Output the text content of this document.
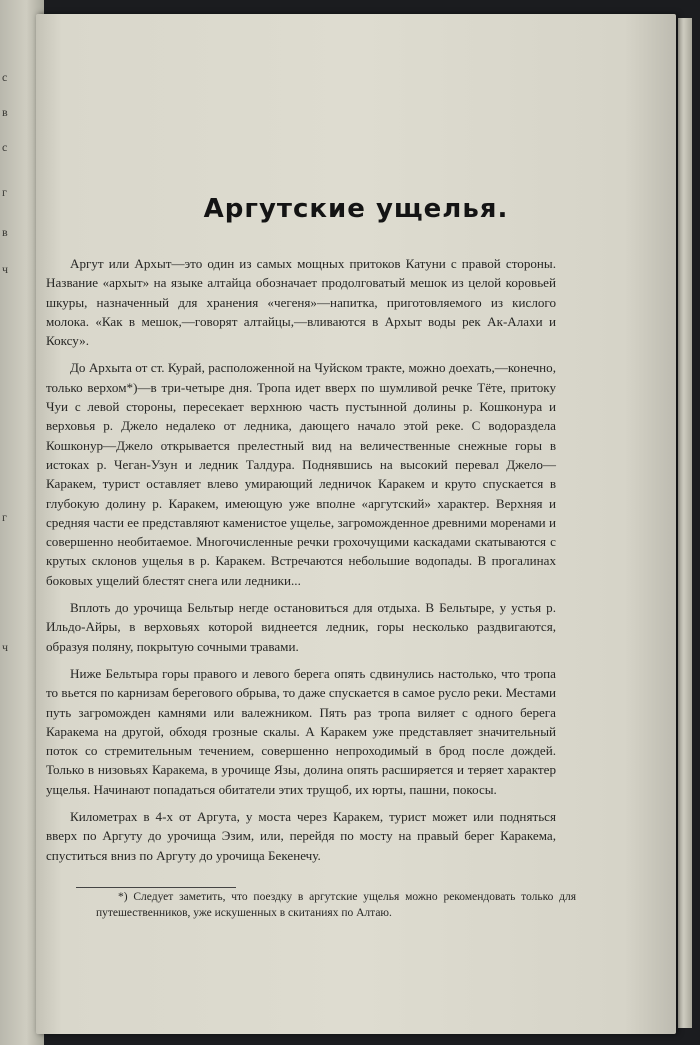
с
в
с
г
в
ч
г
ч
Аргутские ущелья.

Аргут или Архыт—это один из самых мощных притоков Катуни с правой стороны. Название «архыт» на языке алтайца обозначает продолговатый мешок из целой коровьей шкуры, назначенный для хранения «чегеня»—напитка, приготовляемого из кислого молока. «Как в мешок,—говорят алтайцы,—вливаются в Архыт воды рек Ак-Алахи и Коксу».

До Архыта от ст. Курай, расположенной на Чуйском тракте, можно доехать,—конечно, только верхом*)—в три-четыре дня. Тропа идет вверх по шумливой речке Тёте, притоку Чуи с левой стороны, пересекает верхнюю часть пустынной долины р. Кошконура и верховья р. Джело недалеко от ледника, дающего начало этой реке. С водораздела Кошконур—Джело открывается прелестный вид на величественные снежные горы в истоках р. Чеган-Узун и ледник Талдура. Поднявшись на высокий перевал Джело—Каракем, турист оставляет влево умирающий ледничок Каракем и круто спускается в глубокую долину р. Каракем, имеющую уже вполне «аргутский» характер. Верхняя и средняя части ее представляют каменистое ущелье, загроможденное древними моренами и совершенно необитаемое. Многочисленные речки грохочущими каскадами скатываются с крутых склонов ущелья в р. Каракем. Встречаются небольшие водопады. В прогалинах боковых ущелий блестят снега или ледники...

Вплоть до урочища Бельтыр негде остановиться для отдыха. В Бельтыре, у устья р. Ильдо-Айры, в верховьях которой виднеется ледник, горы несколько раздвигаются, образуя поляну, покрытую сочными травами.

Ниже Бельтыра горы правого и левого берега опять сдвинулись настолько, что тропа то вьется по карнизам берегового обрыва, то даже спускается в самое русло реки. Местами путь загроможден камнями или валежником. Пять раз тропа виляет с одного берега Каракема на другой, обходя грозные скалы. А Каракем уже представляет значительный поток со стремительным течением, совершенно непроходимый в брод после дождей. Только в низовьях Каракема, в урочище Язы, долина опять расширяется и теряет характер ущелья. Начинают попадаться обитатели этих трущоб, их юрты, пашни, покосы.

Километрах в 4-х от Аргута, у моста через Каракем, турист может или подняться вверх по Аргуту до урочища Эзим, или, перейдя по мосту на правый берег Каракема, спуститься вниз по Аргуту до урочища Бекенечу.

*) Следует заметить, что поездку в аргутские ущелья можно рекомендовать только для путешественников, уже искушенных в скитаниях по Алтаю.
